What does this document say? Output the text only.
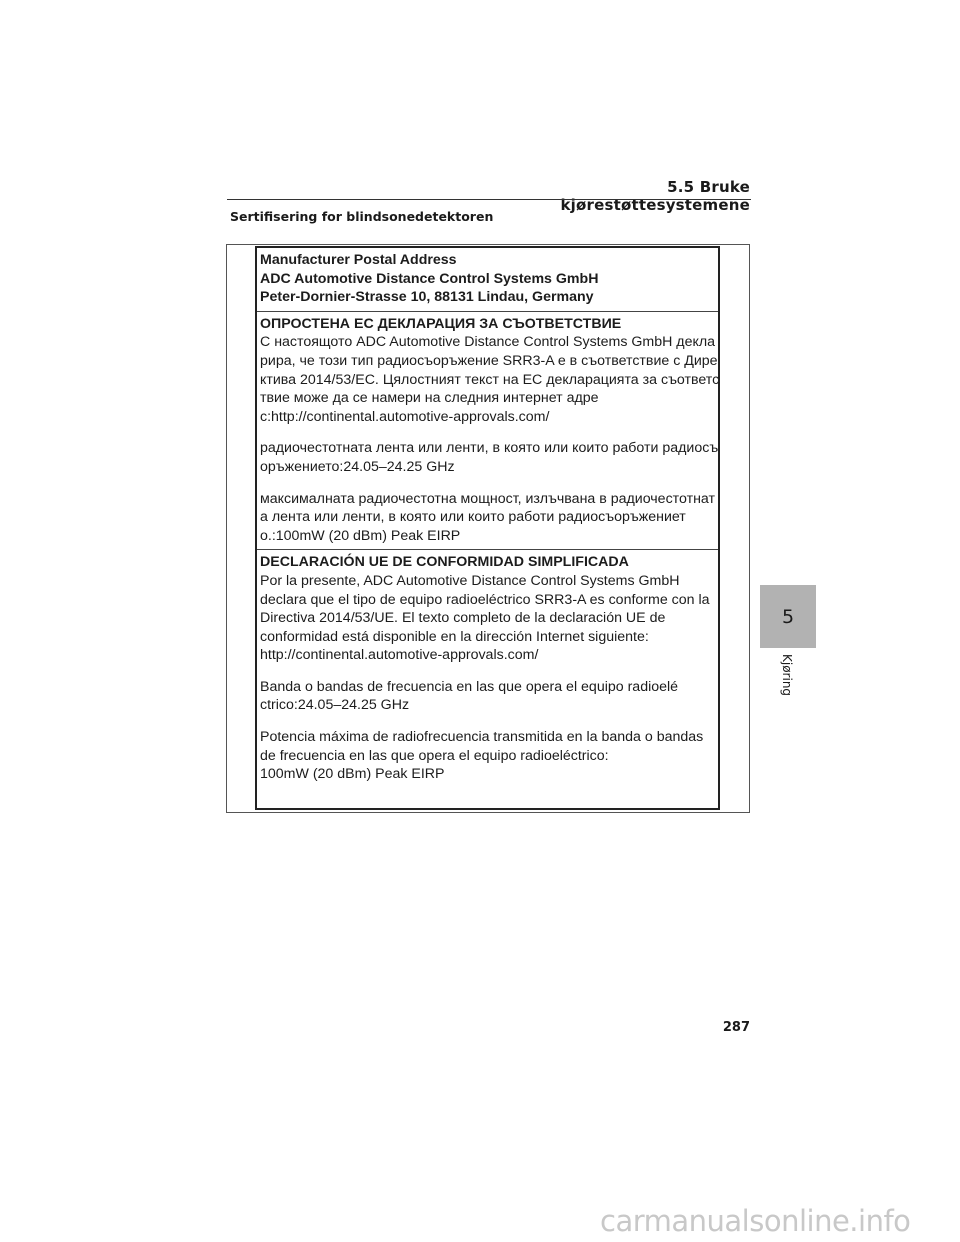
5.5 Bruke kjørestøttesystemene
Sertifisering for blindsonedetektoren
Manufacturer Postal Address
ADC Automotive Distance Control Systems GmbH
Peter-Dornier-Strasse 10, 88131 Lindau, Germany
ОПРОСТЕНА ЕС ДЕКЛАРАЦИЯ ЗА СЪОТВЕТСТВИЕ
С настоящото ADC Automotive Distance Control Systems GmbH декла
рира, че този тип радиосъоръжение SRR3-A е в съответствие с Дире
ктива 2014/53/EC. Цялостният текст на ЕС декларацията за съответс
твие може да се намери на следния интернет адре
с:http://continental.automotive-approvals.com/
радиочестотната лента или ленти, в която или които работи радиосъ
оръжението:24.05–24.25 GHz
максималната радиочестотна мощност, излъчвана в радиочестотнат
а лента или ленти, в която или които работи радиосъоръжениет
о.:100mW (20 dBm) Peak EIRP
DECLARACIÓN UE DE CONFORMIDAD SIMPLIFICADA
Por la presente, ADC Automotive Distance Control Systems GmbH
declara que el tipo de equipo radioeléctrico SRR3-A es conforme con la
Directiva 2014/53/UE. El texto completo de la declaración UE de
conformidad está disponible en la dirección Internet siguiente:
http://continental.automotive-approvals.com/
Banda o bandas de frecuencia en las que opera el equipo radioelé
ctrico:24.05–24.25 GHz
Potencia máxima de radiofrecuencia transmitida en la banda o bandas
de frecuencia en las que opera el equipo radioeléctrico:
100mW (20 dBm) Peak EIRP
5
Kjøring
287
carmanualsonline.info
